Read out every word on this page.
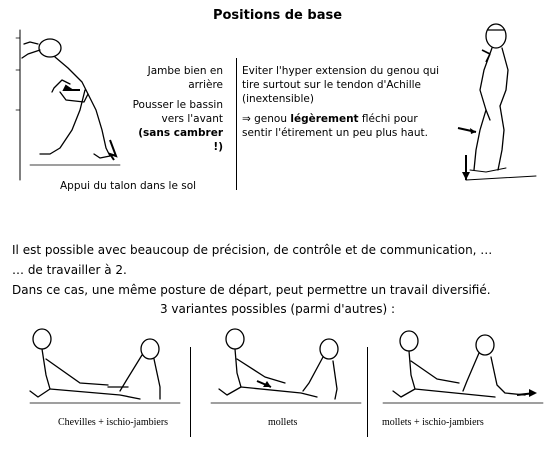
Positions de base

Jambe bien en arrière

Pousser le bassin vers l'avant
(sans cambrer !)

Eviter l'hyper extension du genou qui tire surtout sur le tendon d'Achille (inextensible)

⇒ genou légèrement fléchi pour sentir l'étirement un peu plus haut.

Appui du talon dans le sol
Il est possible avec beaucoup de précision, de contrôle et de communication, …
… de travailler à 2.
Dans ce cas, une même posture de départ, peut permettre un travail diversifié.
3 variantes possibles (parmi d'autres) :
Chevilles + ischio-jambiers	mollets	mollets + ischio-jambiers
